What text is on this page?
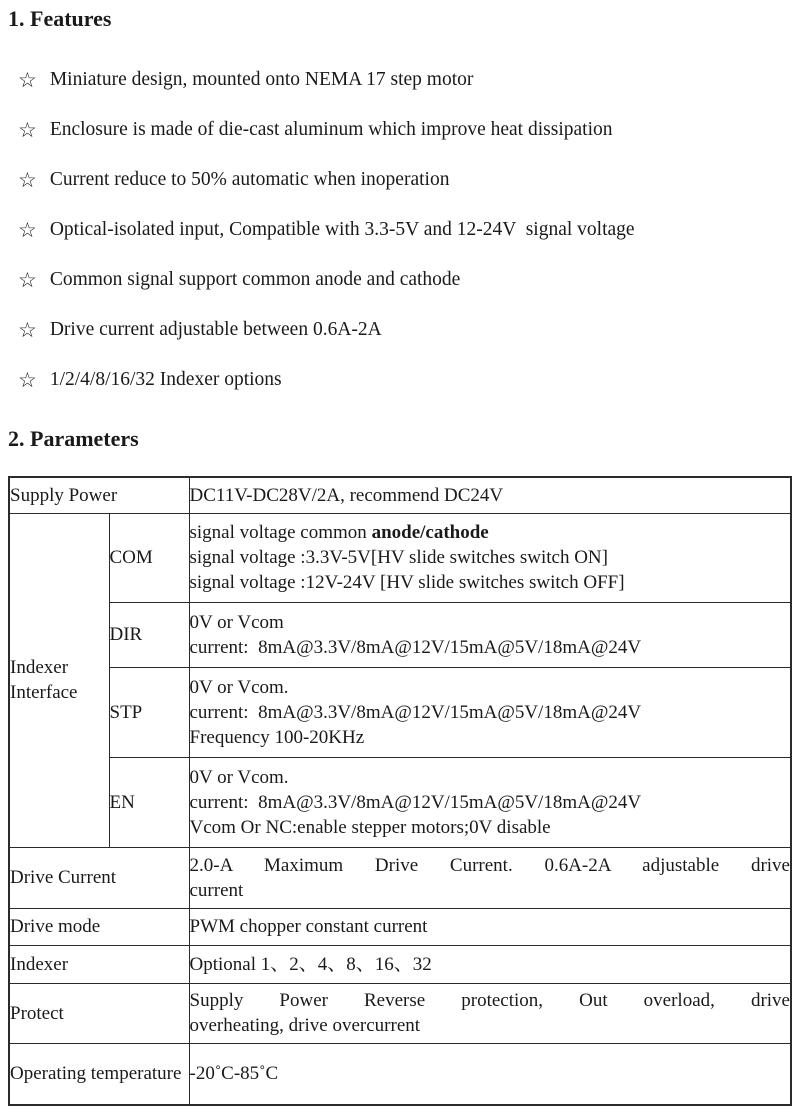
1. Features
☆ Miniature design, mounted onto NEMA 17 step motor
☆ Enclosure is made of die-cast aluminum which improve heat dissipation
☆ Current reduce to 50% automatic when inoperation
☆ Optical-isolated input, Compatible with 3.3-5V and 12-24V  signal voltage
☆ Common signal support common anode and cathode
☆ Drive current adjustable between 0.6A-2A
☆ 1/2/4/8/16/32 Indexer options
2. Parameters
Supply Power		DC11V-DC28V/2A, recommend DC24V
Indexer Interface	COM	signal voltage common anode/cathode
signal voltage :3.3V-5V[HV slide switches switch ON]
signal voltage :12V-24V [HV slide switches switch OFF]

	DIR	0V or Vcom
current:  8mA@3.3V/8mA@12V/15mA@5V/18mA@24V

	STP	0V or Vcom.
current:  8mA@3.3V/8mA@12V/15mA@5V/18mA@24V
Frequency 100-20KHz

	EN	0V or Vcom.
current:  8mA@3.3V/8mA@12V/15mA@5V/18mA@24V
Vcom Or NC:enable stepper motors;0V disable

Drive Current		2.0-A Maximum Drive Current. 0.6A-2A adjustable drive
current

Drive mode		PWM chopper constant current
Indexer		Optional 1、2、4、8、16、32
Protect		Supply Power Reverse protection, Out overload, drive
overheating, drive overcurrent

Operating temperature		-20˚C-85˚C
